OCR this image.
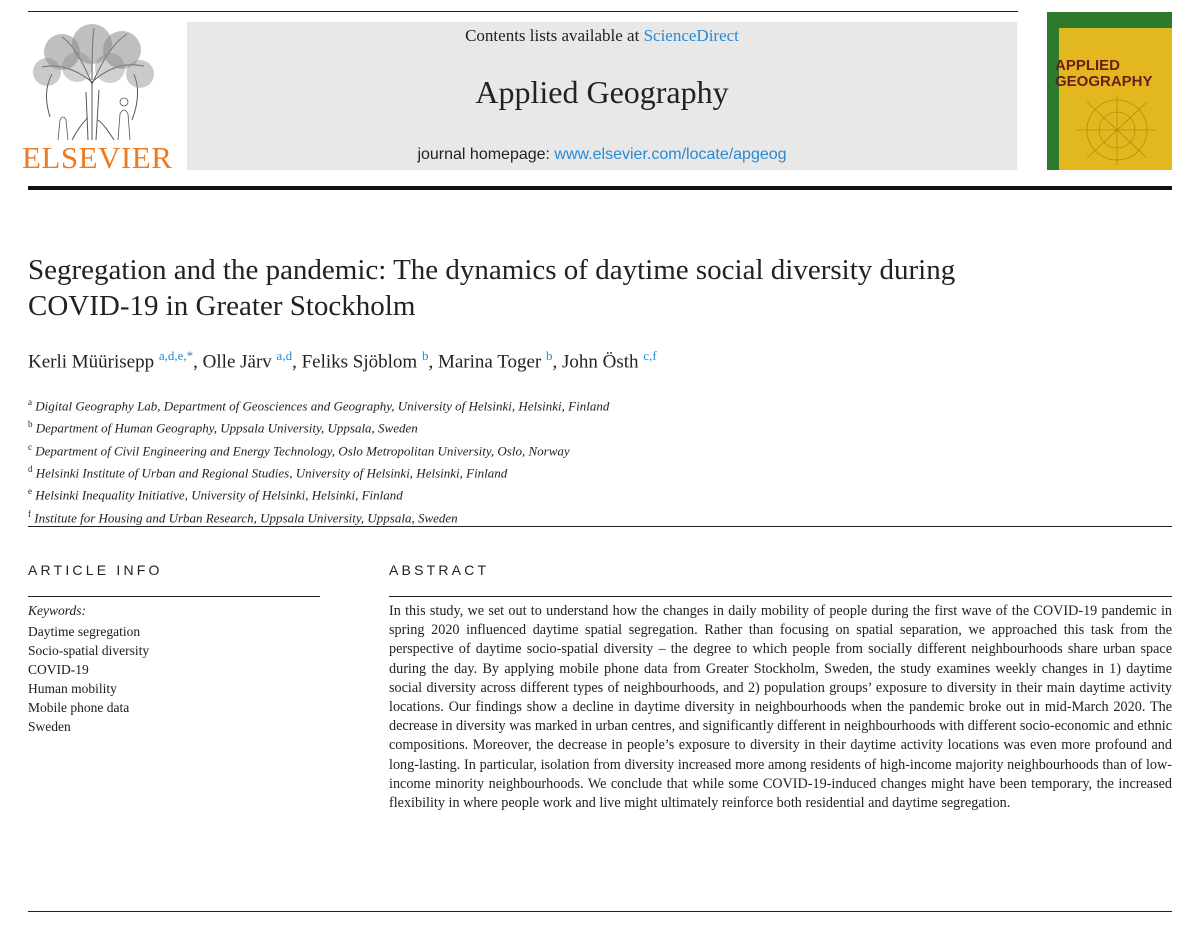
ELSEVIER
Contents lists available at ScienceDirect
Applied Geography
journal homepage: www.elsevier.com/locate/apgeog
APPLIED
GEOGRAPHY
Segregation and the pandemic: The dynamics of daytime social diversity during COVID-19 in Greater Stockholm
Kerli Müürisepp $^{a,d,e,*}$, Olle Järv $^{a,d}$, Feliks Sjöblom $^b$, Marina Toger $^b$, John Östh $^{c,f}$
$^a$ Digital Geography Lab, Department of Geosciences and Geography, University of Helsinki, Helsinki, Finland
$^b$ Department of Human Geography, Uppsala University, Uppsala, Sweden
$^c$ Department of Civil Engineering and Energy Technology, Oslo Metropolitan University, Oslo, Norway
$^d$ Helsinki Institute of Urban and Regional Studies, University of Helsinki, Helsinki, Finland
$^e$ Helsinki Inequality Initiative, University of Helsinki, Helsinki, Finland
$^f$ Institute for Housing and Urban Research, Uppsala University, Uppsala, Sweden
ARTICLE INFO
Keywords:
Daytime segregation
Socio-spatial diversity
COVID-19
Human mobility
Mobile phone data
Sweden
ABSTRACT
In this study, we set out to understand how the changes in daily mobility of people during the first wave of the COVID-19 pandemic in spring 2020 influenced daytime spatial segregation. Rather than focusing on spatial separation, we approached this task from the perspective of daytime socio-spatial diversity – the degree to which people from socially different neighbourhoods share urban space during the day. By applying mobile phone data from Greater Stockholm, Sweden, the study examines weekly changes in 1) daytime social diversity across different types of neighbourhoods, and 2) population groups’ exposure to diversity in their main daytime activity locations. Our findings show a decline in daytime diversity in neighbourhoods when the pandemic broke out in mid-March 2020. The decrease in diversity was marked in urban centres, and significantly different in neighbourhoods with different socio-economic and ethnic compositions. Moreover, the decrease in people’s exposure to diversity in their daytime activity locations was even more profound and long-lasting. In particular, isolation from diversity increased more among residents of high-income majority neighbourhoods than of low-income minority neighbourhoods. We conclude that while some COVID-19-induced changes might have been temporary, the increased flexibility in where people work and live might ultimately reinforce both residential and daytime segregation.
